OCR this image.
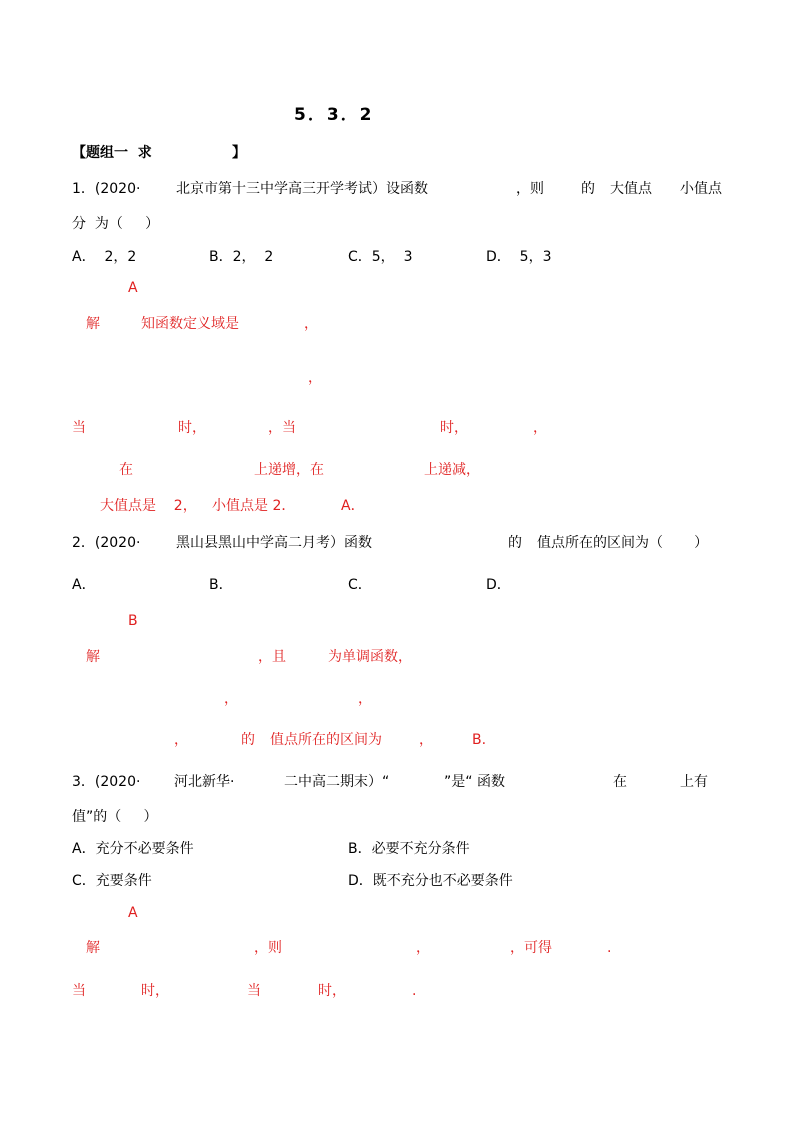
5．3．2
【题组一  求	】
1．(2020·	北京市第十三中学高三开学考试）设函数	，则	的 大值点 小值点
分  为（     ）
A．  2，2	B．2，  2	C．5，  3	D．  5，3
A
解	知函数定义域是	，
，
当	时，	，当	时，	，
在	上递增，在	上递减，
大值点是    2， 小值点是 2．	A．
2．(2020·	黑山县黑山中学高二月考）函数	的 值点所在的区间为（       ）
A．	B．	C．	D．
B
解	，且	为单调函数，
，	，
，	的 值点所在的区间为	，	B.
3．(2020· 河北新华·	二中高二期末）“	”是“ 函数	在	上有
值”的（     ）
A．充分不必要条件	B．必要不充分条件
C．充要条件	D．既不充分也不必要条件
A
解	，则	，	，可得	.
当	时，	当	时，	.
